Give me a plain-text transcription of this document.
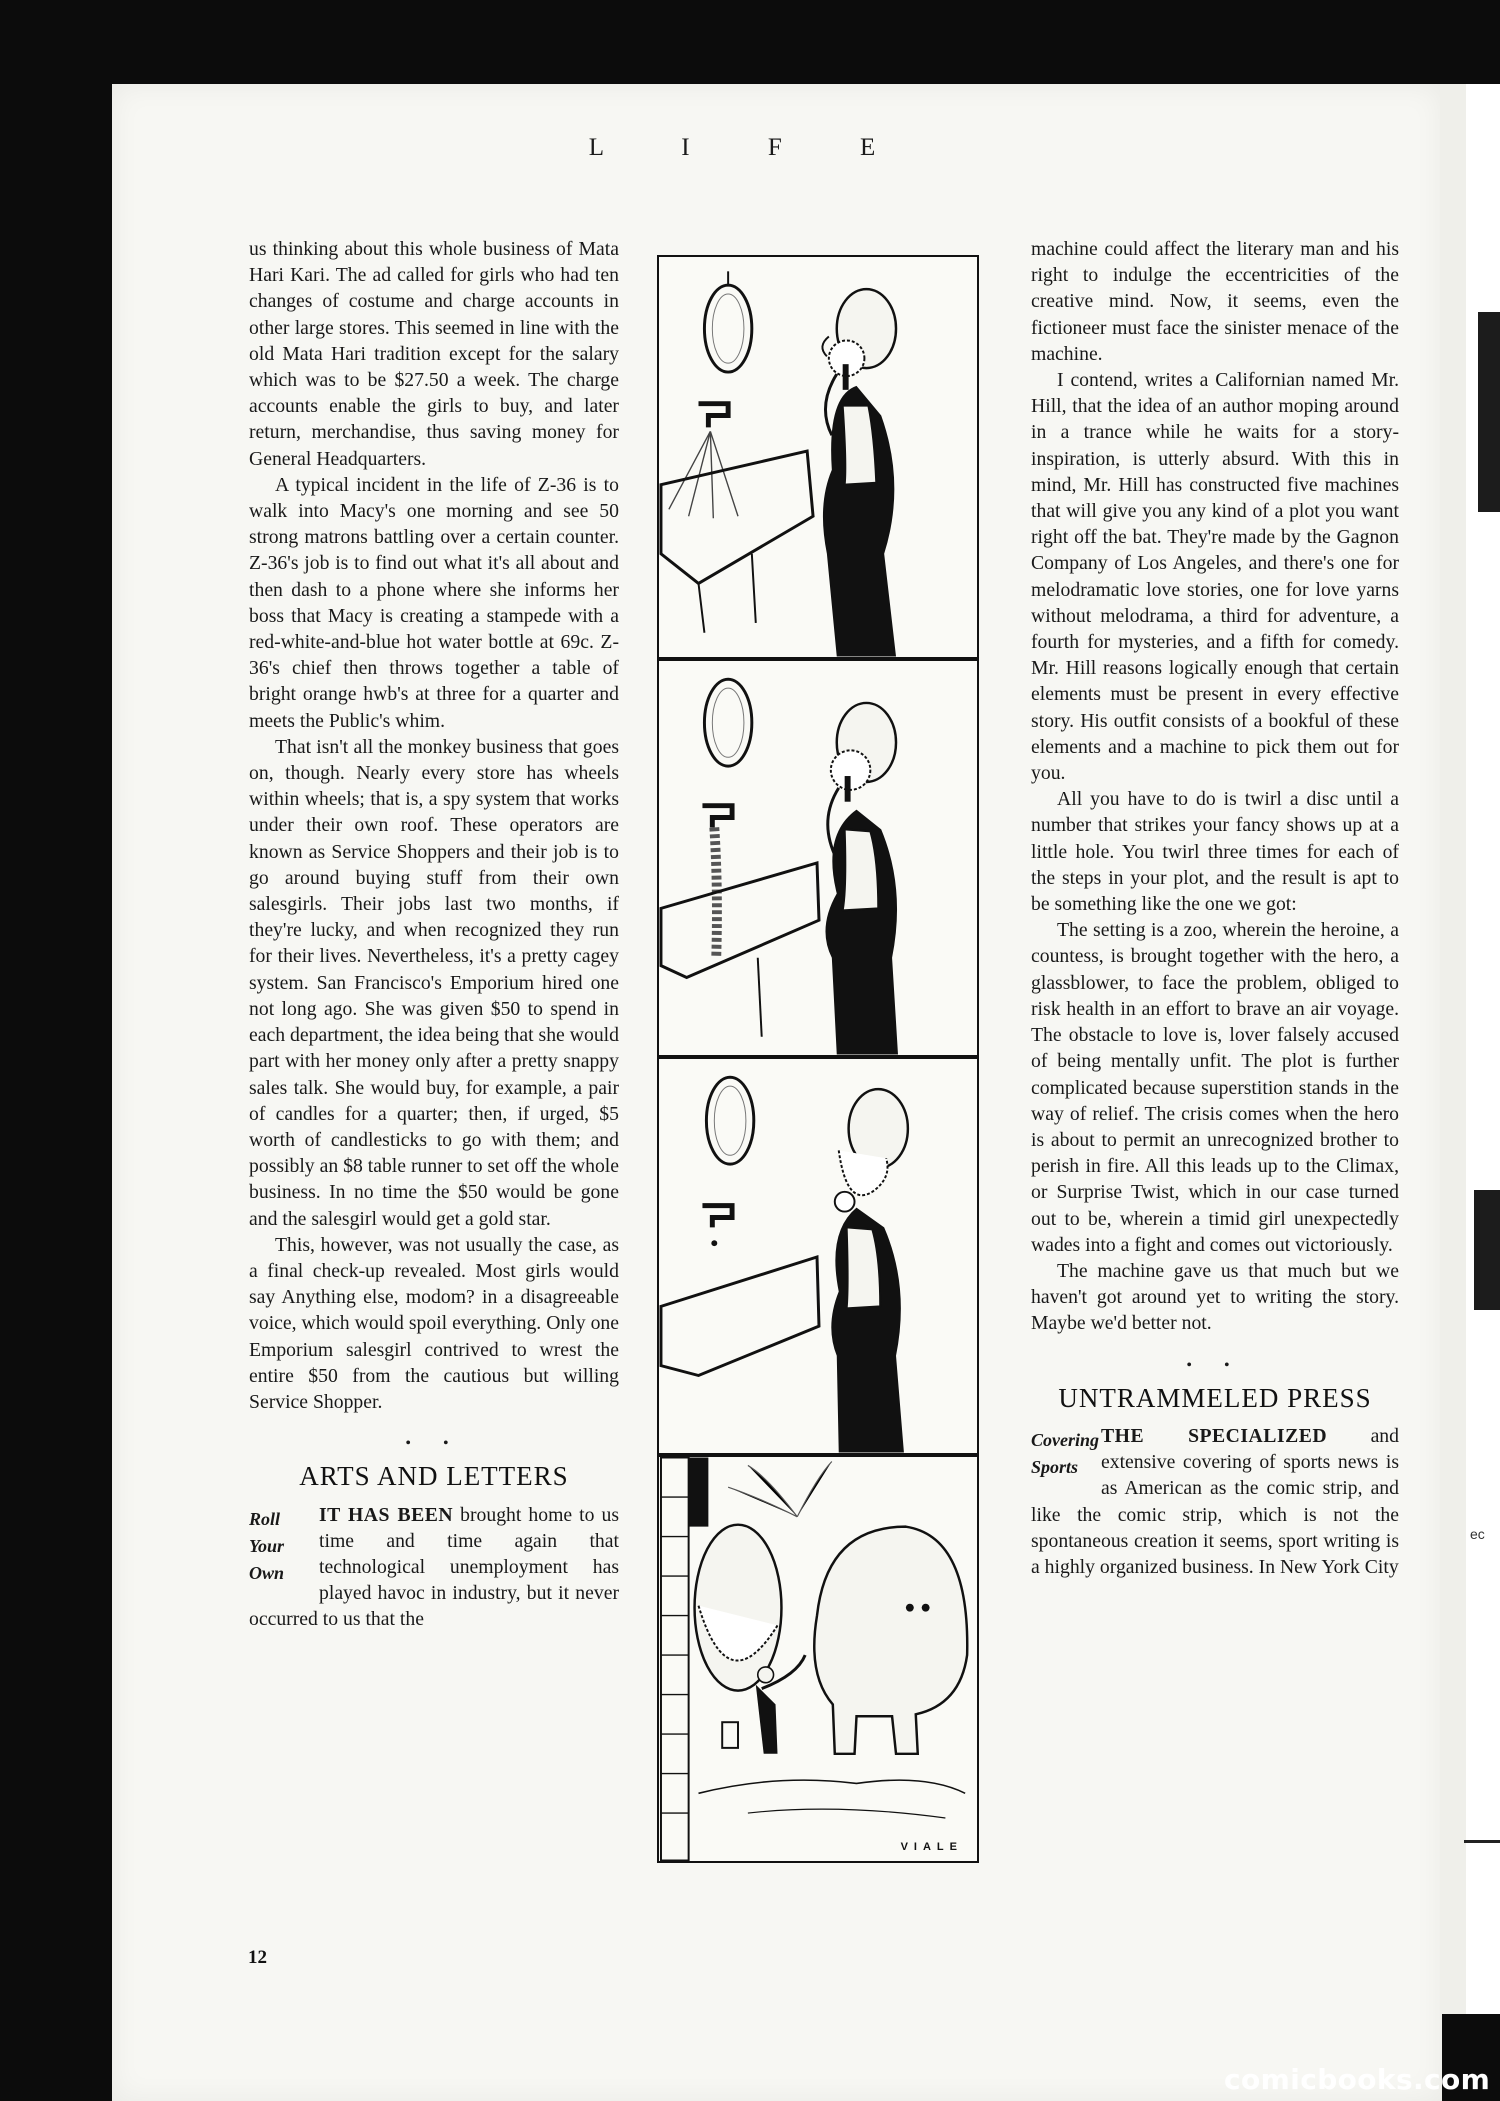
ec
L I F E

us thinking about this whole business of Mata Hari Kari. The ad called for girls who had ten changes of costume and charge accounts in other large stores. This seemed in line with the old Mata Hari tradition except for the salary which was to be $27.50 a week. The charge accounts enable the girls to buy, and later return, merchandise, thus saving money for General Headquarters.

A typical incident in the life of Z-36 is to walk into Macy's one morning and see 50 strong matrons battling over a certain counter. Z-36's job is to find out what it's all about and then dash to a phone where she informs her boss that Macy is creating a stampede with a red-white-and-blue hot water bottle at 69c. Z-36's chief then throws together a table of bright orange hwb's at three for a quarter and meets the Public's whim.

That isn't all the monkey business that goes on, though. Nearly every store has wheels within wheels; that is, a spy system that works under their own roof. These operators are known as Service Shoppers and their job is to go around buying stuff from their own salesgirls. Their jobs last two months, if they're lucky, and when recognized they run for their lives. Nevertheless, it's a pretty cagey system. San Francisco's Emporium hired one not long ago. She was given $50 to spend in each department, the idea being that she would part with her money only after a pretty snappy sales talk. She would buy, for example, a pair of candles for a quarter; then, if urged, $5 worth of candlesticks to go with them; and possibly an $8 table runner to set off the whole business. In no time the $50 would be gone and the salesgirl would get a gold star.

This, however, was not usually the case, as a final check-up revealed. Most girls would say Anything else, modom? in a disagreeable voice, which would spoil everything. Only one Emporium salesgirl contrived to wrest the entire $50 from the cautious but willing Service Shopper.

• •
ARTS AND LETTERS
Roll Your Own

IT HAS BEEN brought home to us time and time again that technological unemployment has played havoc in industry, but it never occurred to us that the

VIALE

machine could affect the literary man and his right to indulge the eccentricities of the creative mind. Now, it seems, even the fictioneer must face the sinister menace of the machine.

I contend, writes a Californian named Mr. Hill, that the idea of an author moping around in a trance while he waits for a story-inspiration, is utterly absurd. With this in mind, Mr. Hill has constructed five machines that will give you any kind of a plot you want right off the bat. They're made by the Gagnon Company of Los Angeles, and there's one for melodramatic love stories, one for love yarns without melodrama, a third for adventure, a fourth for mysteries, and a fifth for comedy. Mr. Hill reasons logically enough that certain elements must be present in every effective story. His outfit consists of a bookful of these elements and a machine to pick them out for you.

All you have to do is twirl a disc until a number that strikes your fancy shows up at a little hole. You twirl three times for each of the steps in your plot, and the result is apt to be something like the one we got:

The setting is a zoo, wherein the heroine, a countess, is brought together with the hero, a glassblower, to face the problem, obliged to risk health in an effort to brave an air voyage. The obstacle to love is, lover falsely accused of being mentally unfit. The plot is further complicated because superstition stands in the way of relief. The crisis comes when the hero is about to permit an unrecognized brother to perish in fire. All this leads up to the Climax, or Surprise Twist, which in our case turned out to be, wherein a timid girl unexpectedly wades into a fight and comes out victoriously.

The machine gave us that much but we haven't got around yet to writing the story. Maybe we'd better not.

• •
UNTRAMMELED PRESS
Covering Sports

THE SPECIALIZED and extensive covering of sports news is as American as the comic strip, and like the comic strip, which is not the spontaneous creation it seems, sport writing is a highly organized business. In New York City

12
comicbooks.com
